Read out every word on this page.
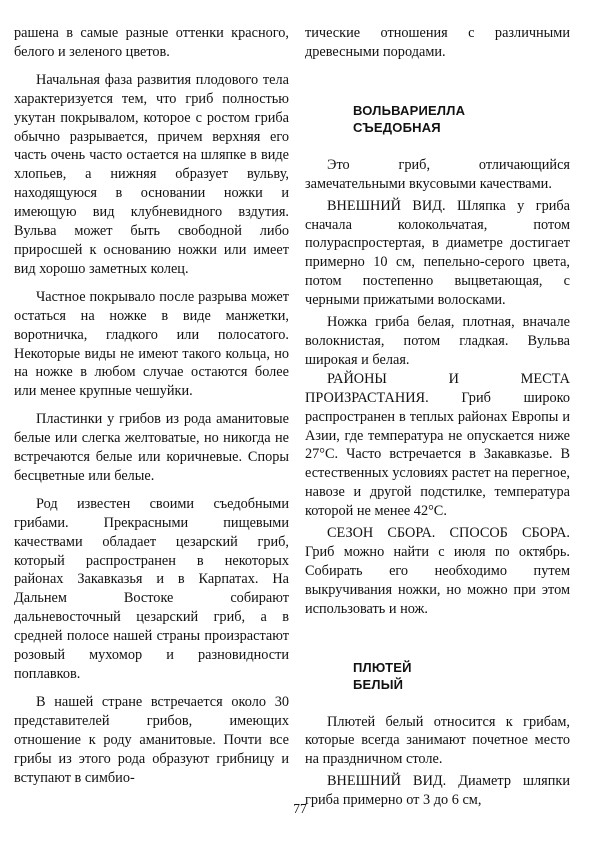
рашена в самые разные оттенки красного, белого и зеленого цветов.

Начальная фаза развития плодового тела характеризуется тем, что гриб полностью укутан покрывалом, которое с ростом гриба обычно разрывается, причем верхняя его часть очень часто остается на шляпке в виде хлопьев, а нижняя образует вульву, находящуюся в основании ножки и имеющую вид клубневидного вздутия. Вульва может быть свободной либо приросшей к основанию ножки или имеет вид хорошо заметных колец.

Частное покрывало после разрыва может остаться на ножке в виде манжетки, воротничка, гладкого или полосатого. Некоторые виды не имеют такого кольца, но на ножке в любом случае остаются более или менее крупные чешуйки.

Пластинки у грибов из рода аманитовые белые или слегка желтоватые, но никогда не встречаются белые или коричневые. Споры бесцветные или белые.

Род известен своими съедобными грибами. Прекрасными пищевыми качествами обладает цезарский гриб, который распространен в некоторых районах Закавказья и в Карпатах. На Дальнем Востоке собирают дальневосточный цезарский гриб, а в средней полосе нашей страны произрастают розовый мухомор и разновидности поплавков.

В нашей стране встречается около 30 представителей грибов, имеющих отношение к роду аманитовые. Почти все грибы из этого рода образуют грибницу и вступают в симбио-

тические отношения с различными древесными породами.

ВОЛЬВАРИЕЛЛА
СЪЕДОБНАЯ

Это гриб, отличающийся замечательными вкусовыми качествами.

ВНЕШНИЙ ВИД. Шляпка у гриба сначала колокольчатая, потом полураспростертая, в диаметре достигает примерно 10 см, пепельно-серого цвета, потом постепенно выцветающая, с черными прижатыми волосками.

Ножка гриба белая, плотная, вначале волокнистая, потом гладкая. Вульва широкая и белая.

РАЙОНЫ И МЕСТА ПРОИЗРАСТАНИЯ. Гриб широко распространен в теплых районах Европы и Азии, где температура не опускается ниже 27°С. Часто встречается в Закавказье. В естественных условиях растет на перегное, навозе и другой подстилке, температура которой не менее 42°С.

СЕЗОН СБОРА. СПОСОБ СБОРА. Гриб можно найти с июля по октябрь. Собирать его необходимо путем выкручивания ножки, но можно при этом использовать и нож.

ПЛЮТЕЙ
БЕЛЫЙ

Плютей белый относится к грибам, которые всегда занимают почетное место на праздничном столе.

ВНЕШНИЙ ВИД. Диаметр шляпки гриба примерно от 3 до 6 см,

77
